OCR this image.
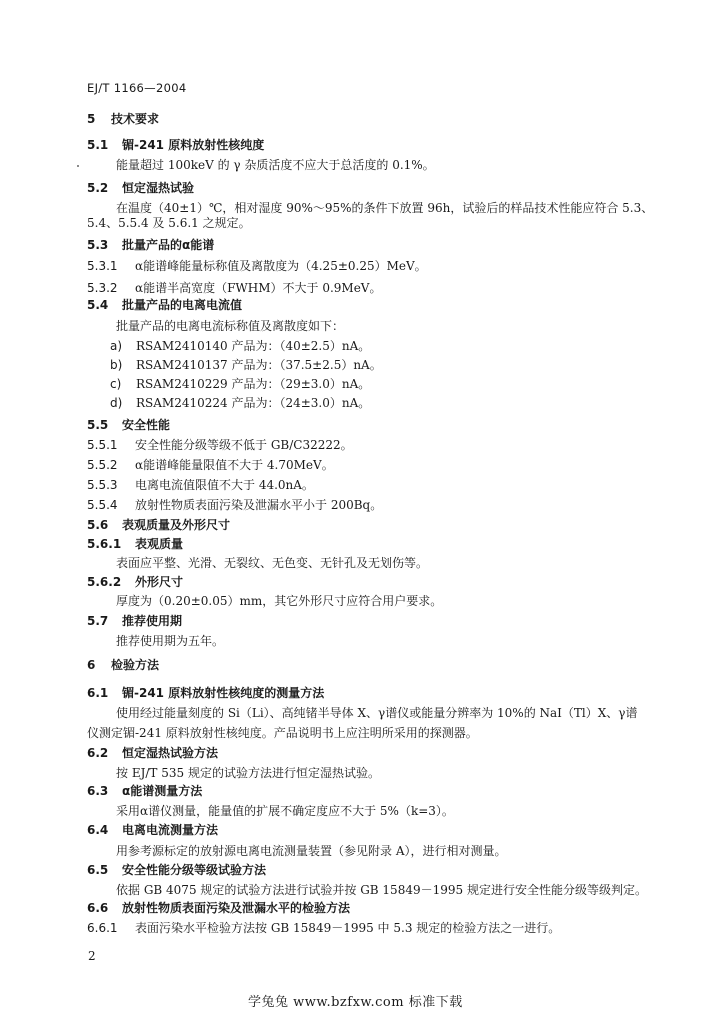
EJ/T 1166—2004
5 技术要求
5.1 镅-241 原料放射性核纯度
能量超过 100keV 的 γ 杂质活度不应大于总活度的 0.1%。
5.2 恒定湿热试验
在温度（40±1）℃，相对湿度 90%～95%的条件下放置 96h，试验后的样品技术性能应符合 5.3、
5.4、5.5.4 及 5.6.1 之规定。
5.3 批量产品的α能谱
5.3.1 α能谱峰能量标称值及离散度为（4.25±0.25）MeV。
5.3.2 α能谱半高宽度（FWHM）不大于 0.9MeV。
5.4 批量产品的电离电流值
批量产品的电离电流标称值及离散度如下：
a) RSAM2410140 产品为：（40±2.5）nA。
b) RSAM2410137 产品为：（37.5±2.5）nA。
c) RSAM2410229 产品为：（29±3.0）nA。
d) RSAM2410224 产品为：（24±3.0）nA。
5.5 安全性能
5.5.1 安全性能分级等级不低于 GB/C32222。
5.5.2 α能谱峰能量限值不大于 4.70MeV。
5.5.3 电离电流值限值不大于 44.0nA。
5.5.4 放射性物质表面污染及泄漏水平小于 200Bq。
5.6 表观质量及外形尺寸
5.6.1 表观质量
表面应平整、光滑、无裂纹、无色变、无针孔及无划伤等。
5.6.2 外形尺寸
厚度为（0.20±0.05）mm，其它外形尺寸应符合用户要求。
5.7 推荐使用期
推荐使用期为五年。
6 检验方法
6.1 镅-241 原料放射性核纯度的测量方法
使用经过能量刻度的 Si（Li）、高纯锗半导体 X、γ谱仪或能量分辨率为 10%的 NaI（Tl）X、γ谱
仪测定镅-241 原料放射性核纯度。产品说明书上应注明所采用的探测器。
6.2 恒定湿热试验方法
按 EJ/T 535 规定的试验方法进行恒定湿热试验。
6.3 α能谱测量方法
采用α谱仪测量，能量值的扩展不确定度应不大于 5%（k=3）。
6.4 电离电流测量方法
用参考源标定的放射源电离电流测量装置（参见附录 A），进行相对测量。
6.5 安全性能分级等级试验方法
依据 GB 4075 规定的试验方法进行试验并按 GB 15849－1995 规定进行安全性能分级等级判定。
6.6 放射性物质表面污染及泄漏水平的检验方法
6.6.1 表面污染水平检验方法按 GB 15849－1995 中 5.3 规定的检验方法之一进行。
2
学兔兔 www.bzfxw.com 标准下载
